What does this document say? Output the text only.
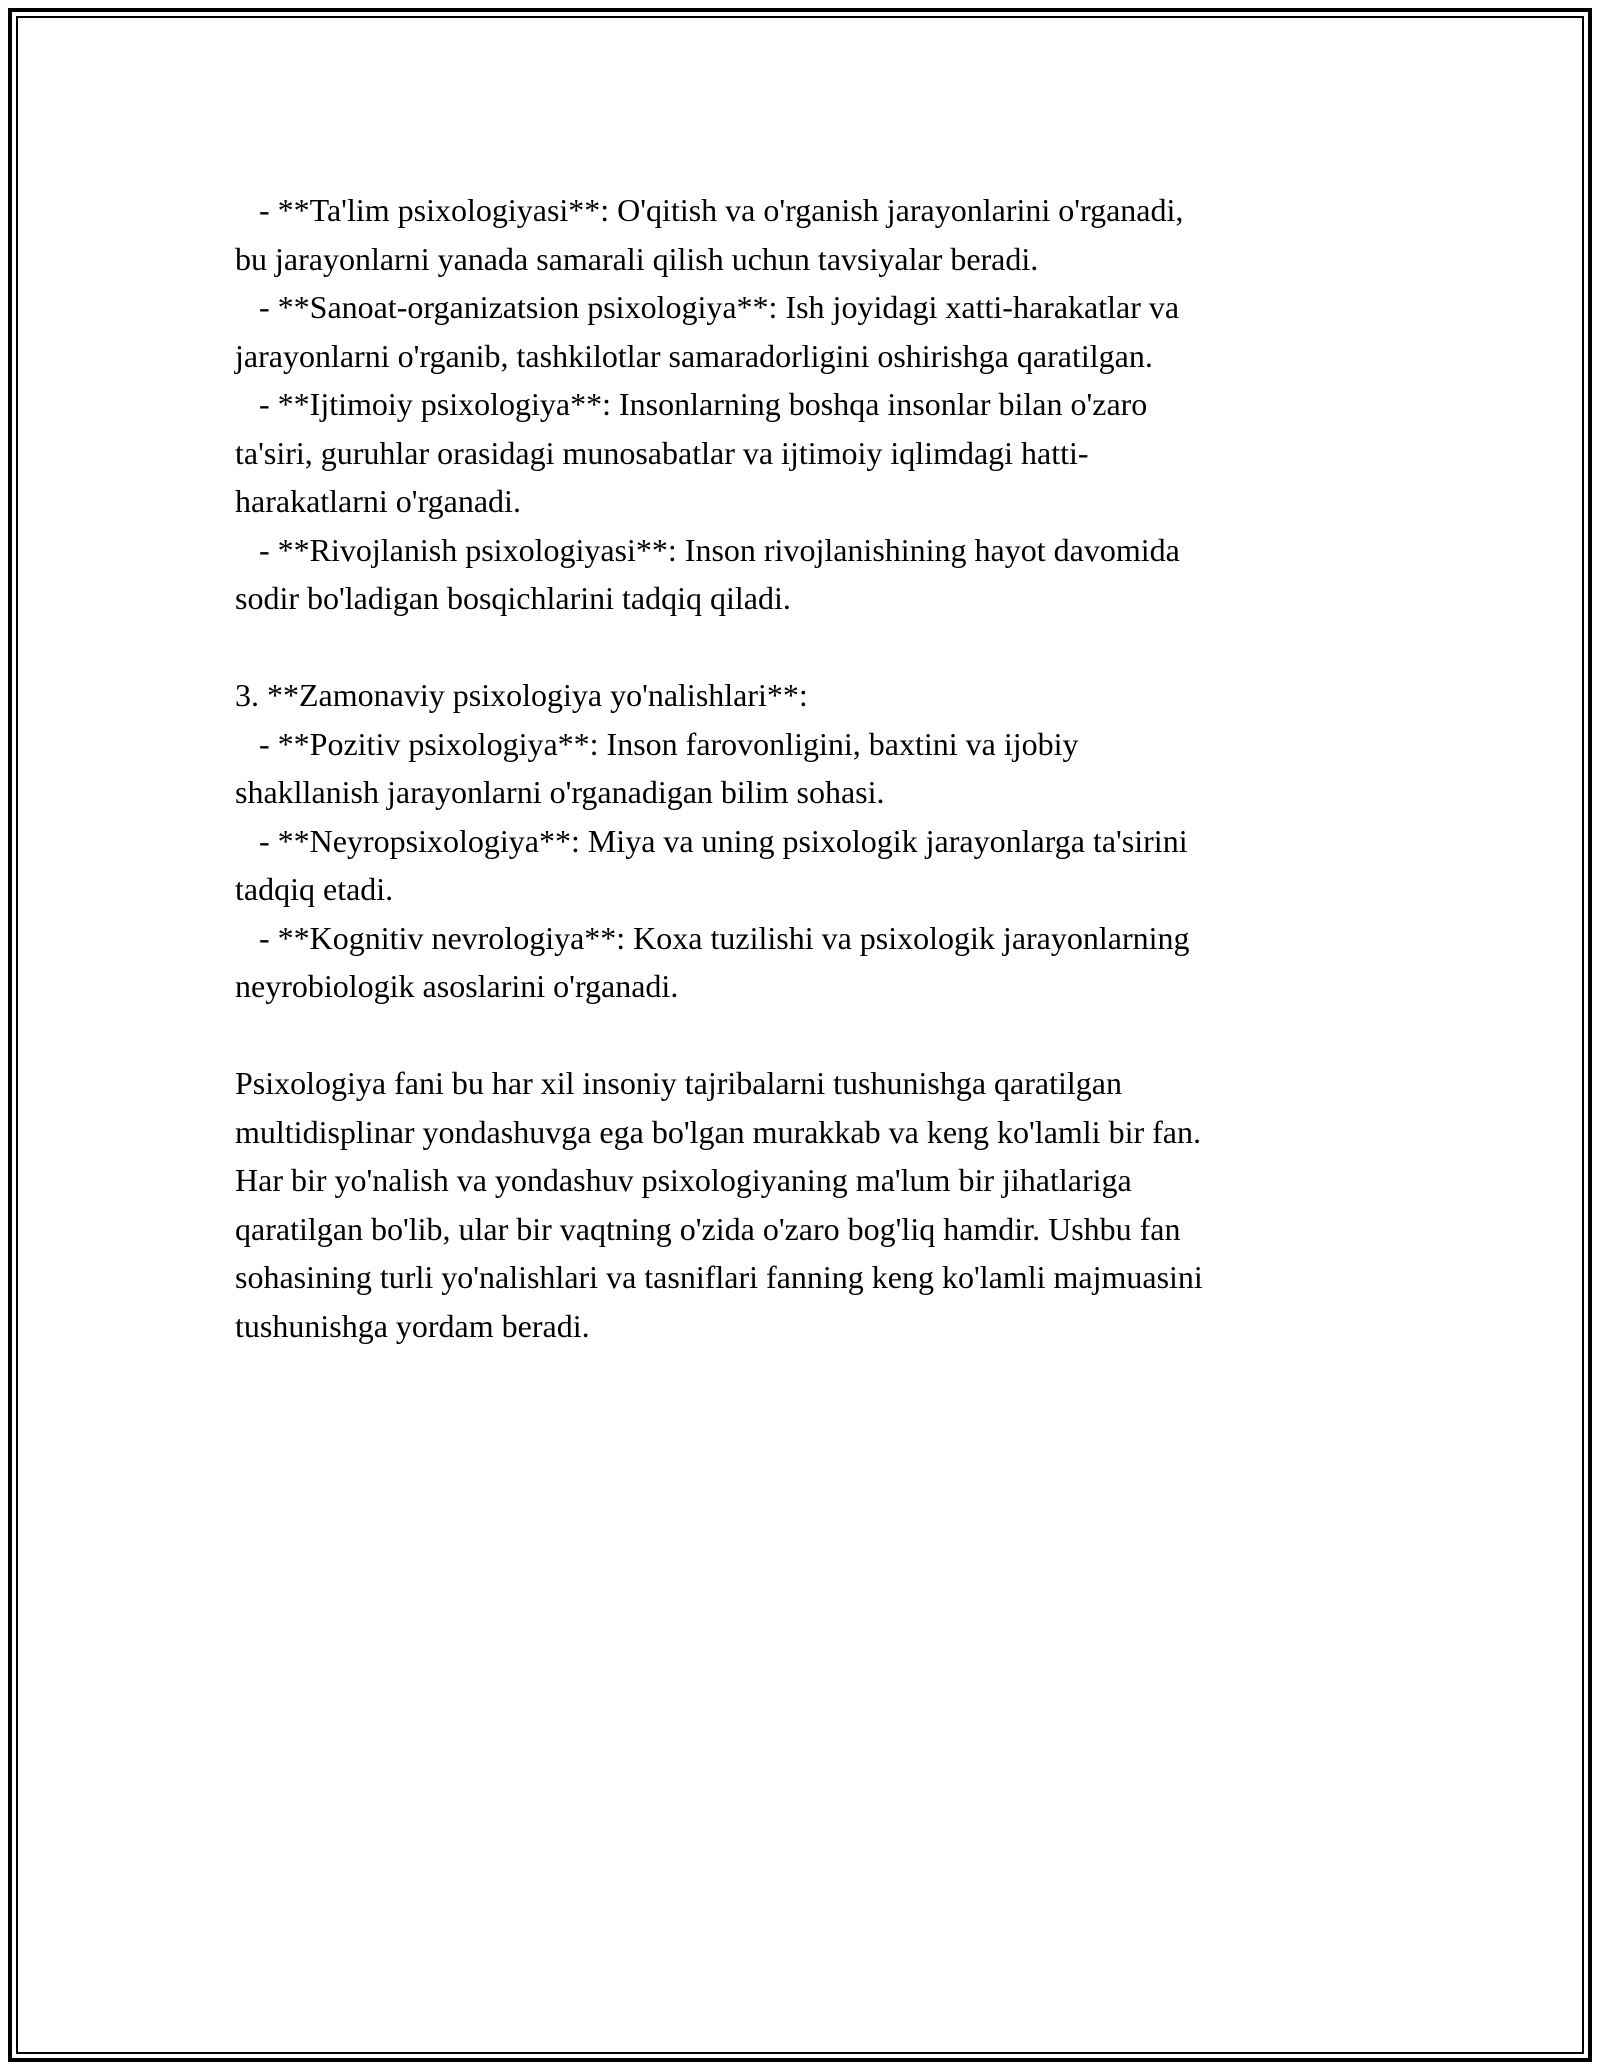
- **Ta'lim psixologiyasi**: O'qitish va o'rganish jarayonlarini o'rganadi,
bu jarayonlarni yanada samarali qilish uchun tavsiyalar beradi.
- **Sanoat-organizatsion psixologiya**: Ish joyidagi xatti-harakatlar va
jarayonlarni o'rganib, tashkilotlar samaradorligini oshirishga qaratilgan.
- **Ijtimoiy psixologiya**: Insonlarning boshqa insonlar bilan o'zaro
ta'siri, guruhlar orasidagi munosabatlar va ijtimoiy iqlimdagi hatti-
harakatlarni o'rganadi.
- **Rivojlanish psixologiyasi**: Inson rivojlanishining hayot davomida
sodir bo'ladigan bosqichlarini tadqiq qiladi.
3. **Zamonaviy psixologiya yo'nalishlari**:
- **Pozitiv psixologiya**: Inson farovonligini, baxtini va ijobiy
shakllanish jarayonlarni o'rganadigan bilim sohasi.
- **Neyropsixologiya**: Miya va uning psixologik jarayonlarga ta'sirini
tadqiq etadi.
- **Kognitiv nevrologiya**: Koxa tuzilishi va psixologik jarayonlarning
neyrobiologik asoslarini o'rganadi.
Psixologiya fani bu har xil insoniy tajribalarni tushunishga qaratilgan
multidisplinar yondashuvga ega bo'lgan murakkab va keng ko'lamli bir fan.
Har bir yo'nalish va yondashuv psixologiyaning ma'lum bir jihatlariga
qaratilgan bo'lib, ular bir vaqtning o'zida o'zaro bog'liq hamdir. Ushbu fan
sohasining turli yo'nalishlari va tasniflari fanning keng ko'lamli majmuasini
tushunishga yordam beradi.
